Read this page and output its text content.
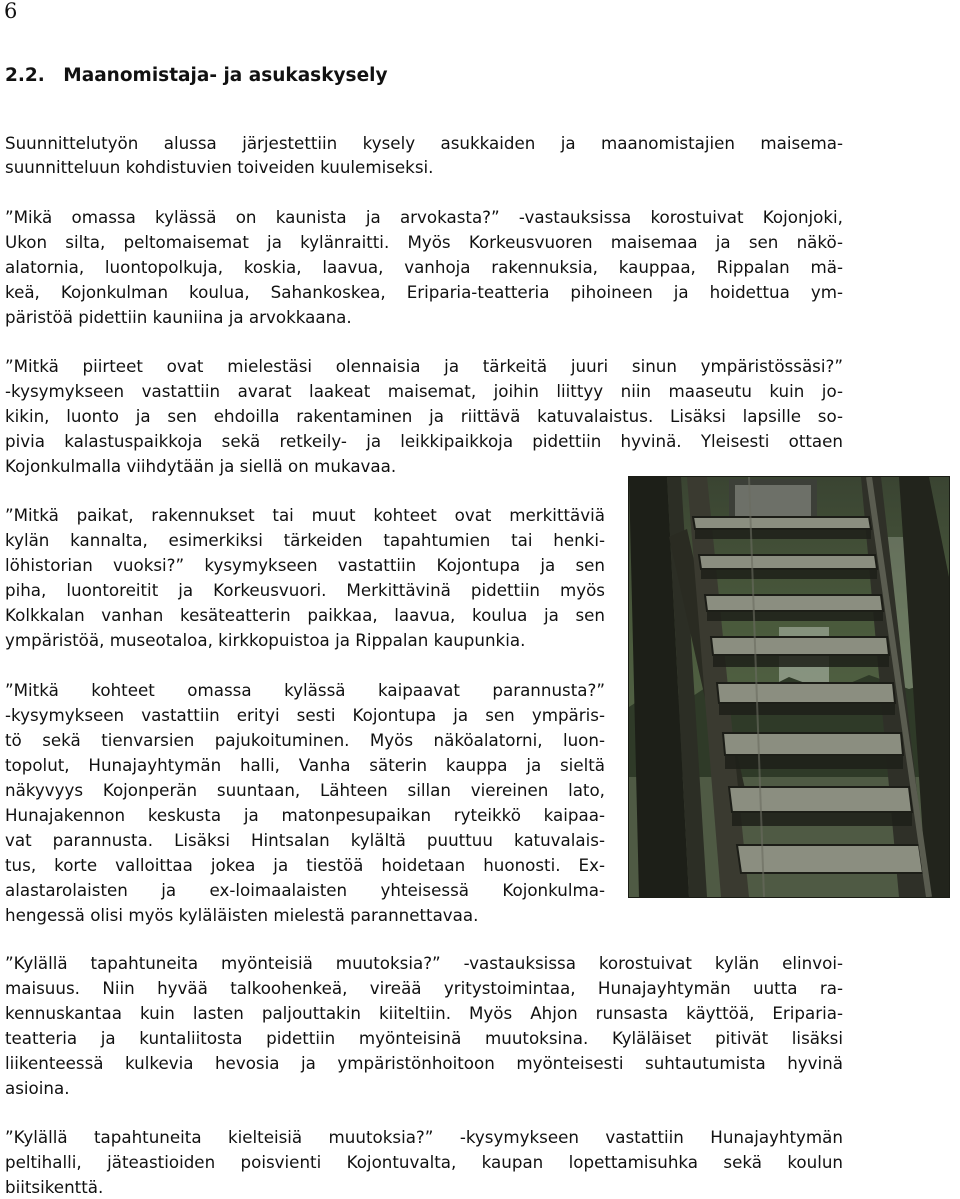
6
2.2. Maanomistaja- ja asukaskysely
Suunnittelutyön alussa järjestettiin kysely asukkaiden ja maanomistajien maisema-
suunnitteluun kohdistuvien toiveiden kuulemiseksi.
”Mikä omassa kylässä on kaunista ja arvokasta?” -vastauksissa korostuivat Kojonjoki,
Ukon silta, peltomaisemat ja kylänraitti. Myös Korkeusvuoren maisemaa ja sen näkö-
alatornia, luontopolkuja, koskia, laavua, vanhoja rakennuksia, kauppaa, Rippalan mä-
keä, Kojonkulman koulua, Sahankoskea, Eriparia-teatteria pihoineen ja hoidettua ym-
päristöä pidettiin kauniina ja arvokkaana.
”Mitkä piirteet ovat mielestäsi olennaisia ja tärkeitä juuri sinun ympäristössäsi?”
-kysymykseen vastattiin avarat laakeat maisemat, joihin liittyy niin maaseutu kuin jo-
kikin, luonto ja sen ehdoilla rakentaminen ja riittävä katuvalaistus. Lisäksi lapsille so-
pivia kalastuspaikkoja sekä retkeily- ja leikkipaikkoja pidettiin hyvinä. Yleisesti ottaen
Kojonkulmalla viihdytään ja siellä on mukavaa.
”Mitkä paikat, rakennukset tai muut kohteet ovat merkittäviä
kylän kannalta, esimerkiksi tärkeiden tapahtumien tai henki-
löhistorian vuoksi?” kysymykseen vastattiin Kojontupa ja sen
piha, luontoreitit ja Korkeusvuori. Merkittävinä pidettiin myös
Kolkkalan vanhan kesäteatterin paikkaa, laavua, koulua ja sen
ympäristöä, museotaloa, kirkkopuistoa ja Rippalan kaupunkia.
”Mitkä kohteet omassa kylässä kaipaavat parannusta?”
-kysymykseen vastattiin erityi sesti Kojontupa ja sen ympäris-
tö sekä tienvarsien pajukoituminen. Myös näköalatorni, luon-
topolut, Hunajayhtymän halli, Vanha säterin kauppa ja sieltä
näkyvyys Kojonperän suuntaan, Lähteen sillan viereinen lato,
Hunajakennon keskusta ja matonpesupaikan ryteikkö kaipaa-
vat parannusta. Lisäksi Hintsalan kylältä puuttuu katuvalais-
tus, korte valloittaa jokea ja tiestöä hoidetaan huonosti. Ex-
alastarolaisten ja ex-loimaalaisten yhteisessä Kojonkulma-
hengessä olisi myös kyläläisten mielestä parannettavaa.
”Kylällä tapahtuneita myönteisiä muutoksia?” -vastauksissa korostuivat kylän elinvoi-
maisuus. Niin hyvää talkoohenkeä, vireää yritystoimintaa, Hunajayhtymän uutta ra-
kennuskantaa kuin lasten paljouttakin kiiteltiin. Myös Ahjon runsasta käyttöä, Eriparia-
teatteria ja kuntaliitosta pidettiin myönteisinä muutoksina. Kyläläiset pitivät lisäksi
liikenteessä kulkevia hevosia ja ympäristönhoitoon myönteisesti suhtautumista hyvinä
asioina.
”Kylällä tapahtuneita kielteisiä muutoksia?” -kysymykseen vastattiin Hunajayhtymän
peltihalli, jäteastioiden poisvienti Kojontuvalta, kaupan lopettamisuhka sekä koulun
biitsikenttä.
